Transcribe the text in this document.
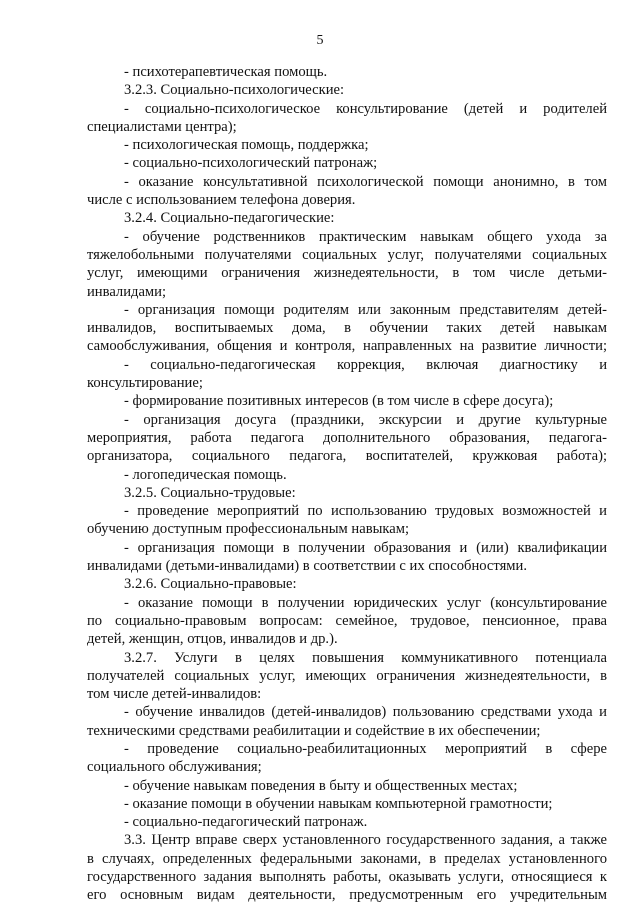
5
- психотерапевтическая помощь.
3.2.3. Социально-психологические:
- социально-психологическое консультирование (детей и родителей
специалистами центра);
- психологическая помощь, поддержка;
- социально-психологический патронаж;
- оказание консультативной психологической помощи анонимно, в том
числе с использованием телефона доверия.
3.2.4. Социально-педагогические:
- обучение родственников практическим навыкам общего ухода за
тяжелобольными получателями социальных услуг, получателями социальных
услуг, имеющими ограничения жизнедеятельности, в том числе детьми-
инвалидами;
- организация помощи родителям или законным представителям детей-
инвалидов, воспитываемых дома, в обучении таких детей навыкам
самообслуживания, общения и контроля, направленных на развитие личности;
- социально-педагогическая коррекция, включая диагностику и
консультирование;
- формирование позитивных интересов (в том числе в сфере досуга);
- организация досуга (праздники, экскурсии и другие культурные
мероприятия, работа педагога дополнительного образования, педагога-
организатора, социального педагога, воспитателей, кружковая работа);
- логопедическая помощь.
3.2.5. Социально-трудовые:
- проведение мероприятий по использованию трудовых возможностей и
обучению доступным профессиональным навыкам;
- организация помощи в получении образования и (или) квалификации
инвалидами (детьми-инвалидами) в соответствии с их способностями.
3.2.6. Социально-правовые:
- оказание помощи в получении юридических услуг (консультирование
по социально-правовым вопросам: семейное, трудовое, пенсионное, права
детей, женщин, отцов, инвалидов и др.).
3.2.7. Услуги в целях повышения коммуникативного потенциала
получателей социальных услуг, имеющих ограничения жизнедеятельности, в
том числе детей-инвалидов:
- обучение инвалидов (детей-инвалидов) пользованию средствами ухода и
техническими средствами реабилитации и содействие в их обеспечении;
- проведение социально-реабилитационных мероприятий в сфере
социального обслуживания;
- обучение навыкам поведения в быту и общественных местах;
- оказание помощи в обучении навыкам компьютерной грамотности;
- социально-педагогический патронаж.
3.3. Центр вправе сверх установленного государственного задания, а также
в случаях, определенных федеральными законами, в пределах установленного
государственного задания выполнять работы, оказывать услуги, относящиеся к
его основным видам деятельности, предусмотренным его учредительным
